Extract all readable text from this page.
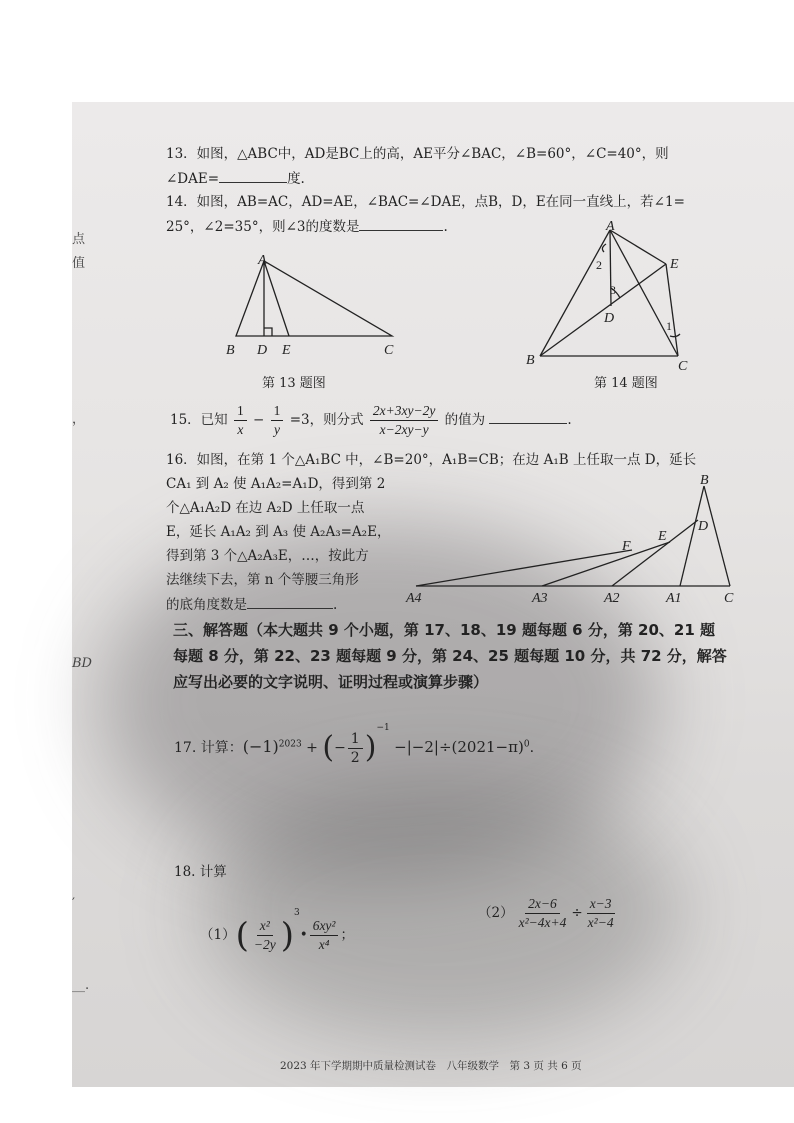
点
值
，
BD
′
__.
13．如图，△ABC中，AD是BC上的高，AE平分∠BAC，∠B=60°，∠C=40°，则
∠DAE=	度.
14．如图，AB=AC，AD=AE，∠BAC=∠DAE，点B，D，E在同一直线上，若∠1=
25°，∠2=35°，则∠3的度数是	.
A
B D E	C
第 13 题图
A
E
D
B	C
1
2
3
第 14 题图
15．已知 $\frac{1}{x} - \frac{1}{y} =3$，则分式 $\frac{2x+3xy-2y}{x-2xy-y}$ 的值为	.
16．如图，在第 1 个△A₁BC 中，∠B=20°，A₁B=CB；在边 A₁B 上任取一点 D，延长
CA₁ 到 A₂ 使 A₁A₂=A₁D，得到第 2
个△A₁A₂D 在边 A₂D 上任取一点
E，延长 A₁A₂ 到 A₃ 使 A₂A₃=A₂E，
得到第 3 个△A₂A₃E，…，按此方
法继续下去，第 n 个等腰三角形
的底角度数是	.
B
D
E
F
A4	A3	A2	A1	C
三、解答题（本大题共 9 个小题，第 17、18、19 题每题 6 分，第 20、21 题
每题 8 分，第 22、23 题每题 9 分，第 24、25 题每题 10 分，共 72 分，解答
应写出必要的文字说明、证明过程或演算步骤）
17. 计算：$(-1)^{2023}$ + (− $\frac{1}{2} )^{-1} -|-2|\div(2021-\pi)^0$.
18. 计算
$(1)( \frac{\text{x²}}{-2y}$ )$^3• \frac{\text{6xy²}}{\text{x⁴}}$ ；
$(2) \frac{2x-6}{\text{x²−4x+4}} \div \frac{x-3}{\text{x²−4}}$
2023 年下学期期中质量检测试卷　八年级数学　第 3 页 共 6 页
